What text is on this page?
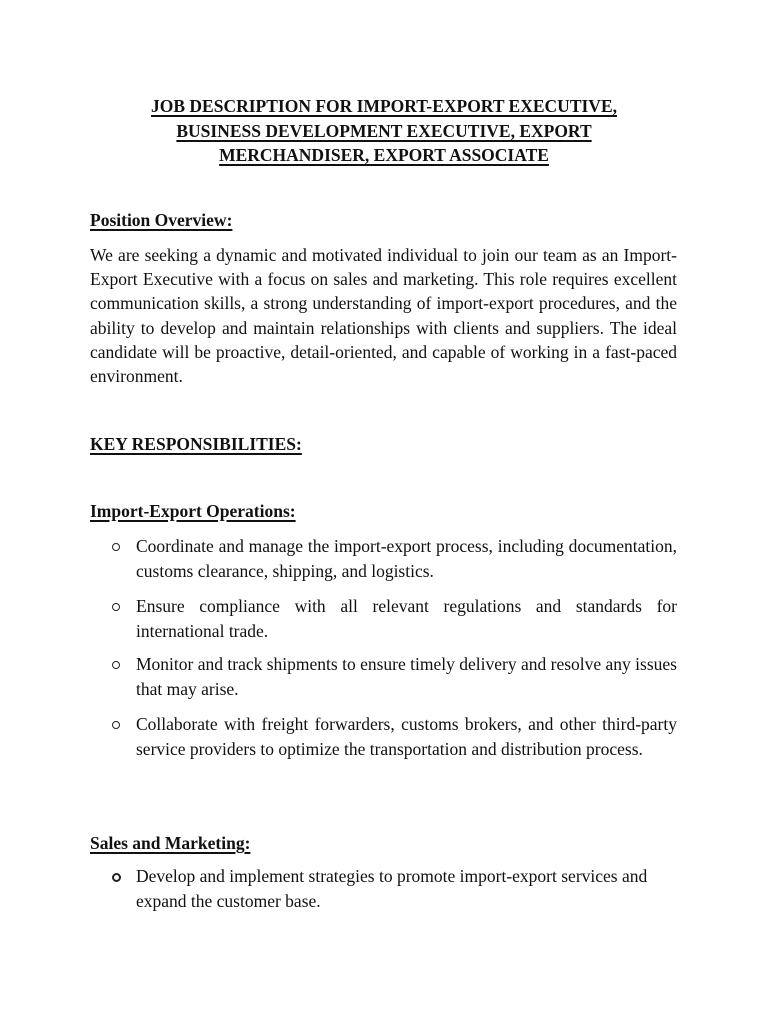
JOB DESCRIPTION FOR IMPORT-EXPORT EXECUTIVE,
BUSINESS DEVELOPMENT EXECUTIVE, EXPORT
MERCHANDISER, EXPORT ASSOCIATE
Position Overview:
We are seeking a dynamic and motivated individual to join our team as an Import-Export Executive with a focus on sales and marketing. This role requires excellent communication skills, a strong understanding of import-export procedures, and the ability to develop and maintain relationships with clients and suppliers. The ideal candidate will be proactive, detail-oriented, and capable of working in a fast-paced environment.
KEY RESPONSIBILITIES:
Import-Export Operations:
Coordinate and manage the import-export process, including documentation, customs clearance, shipping, and logistics.
Ensure compliance with all relevant regulations and standards for international trade.
Monitor and track shipments to ensure timely delivery and resolve any issues that may arise.
Collaborate with freight forwarders, customs brokers, and other third-party service providers to optimize the transportation and distribution process.
Sales and Marketing:
Develop and implement strategies to promote import-export services and expand the customer base.
